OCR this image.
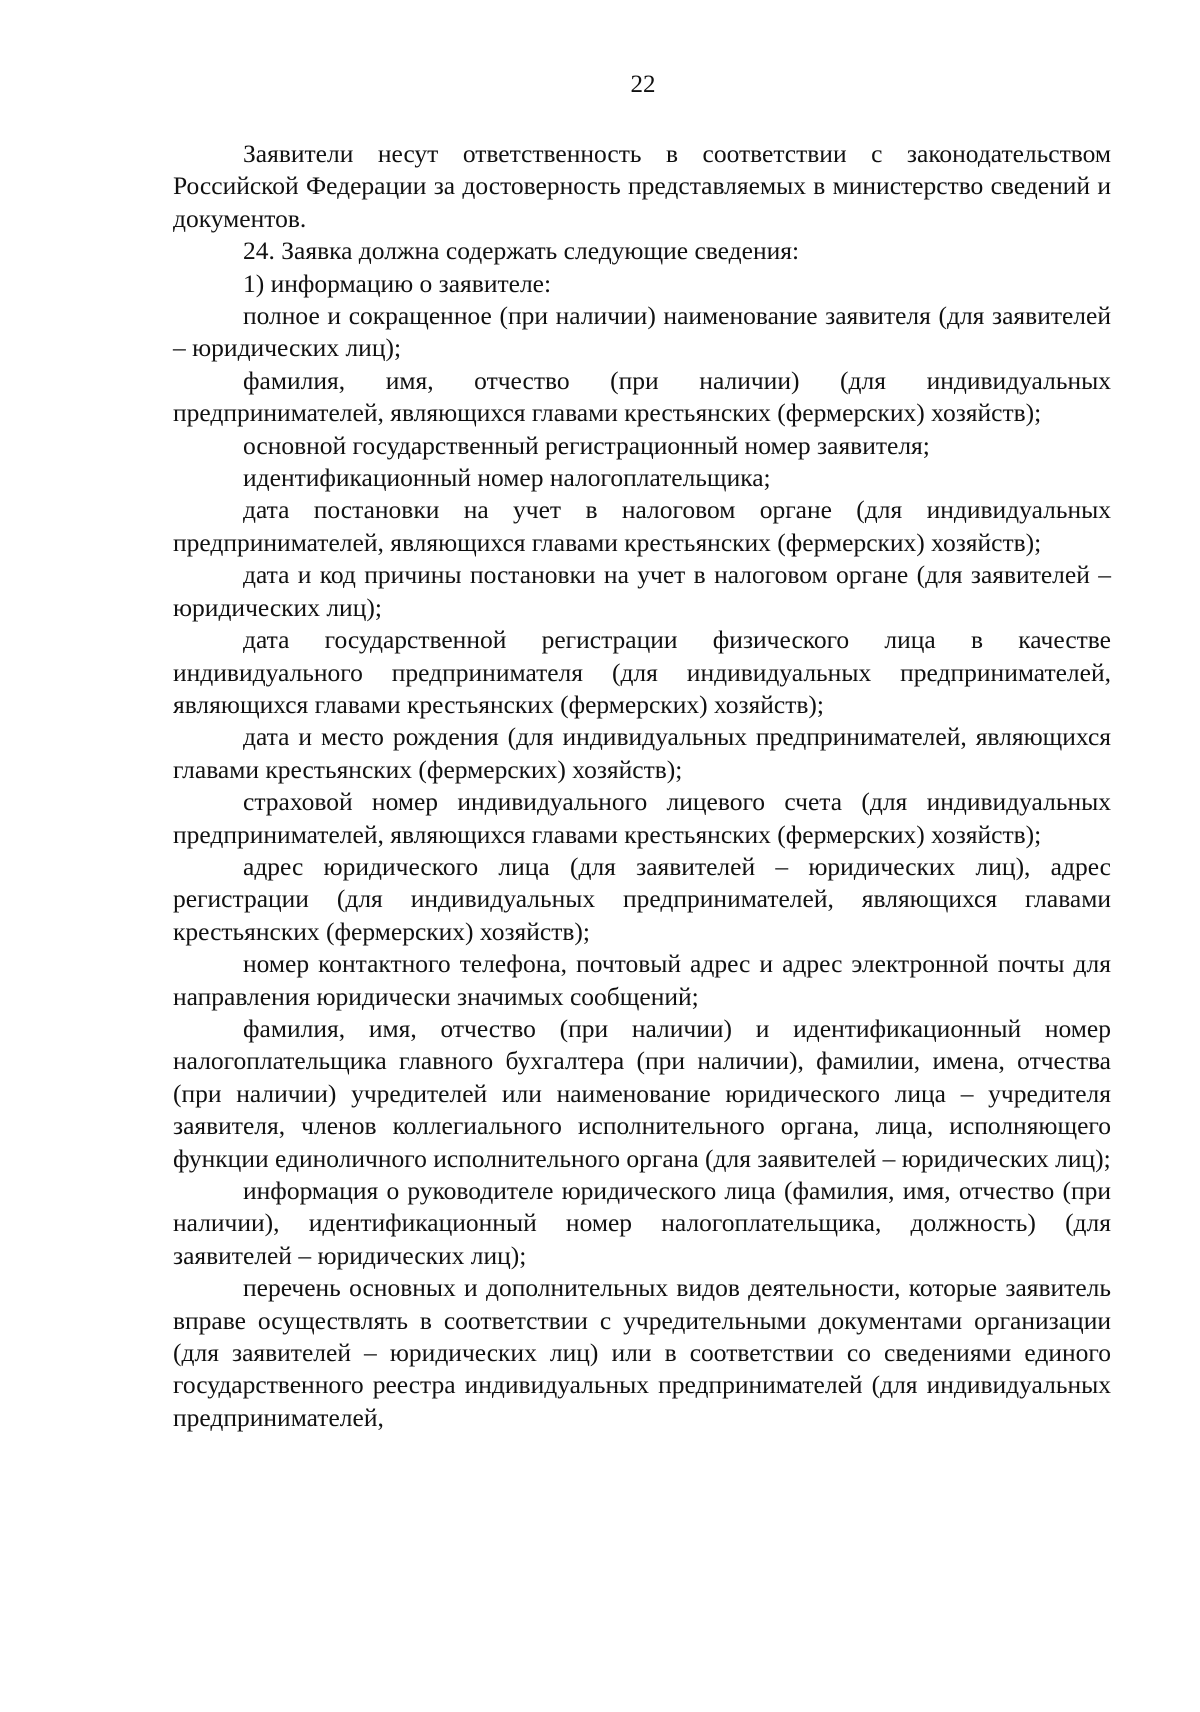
22

Заявители несут ответственность в соответствии с законодательством Российской Федерации за достоверность представляемых в министерство сведений и документов.

24. Заявка должна содержать следующие сведения:

1) информацию о заявителе:

полное и сокращенное (при наличии) наименование заявителя (для заявителей – юридических лиц);

фамилия, имя, отчество (при наличии) (для индивидуальных предпринимателей, являющихся главами крестьянских (фермерских) хозяйств);

основной государственный регистрационный номер заявителя;

идентификационный номер налогоплательщика;

дата постановки на учет в налоговом органе (для индивидуальных предпринимателей, являющихся главами крестьянских (фермерских) хозяйств);

дата и код причины постановки на учет в налоговом органе (для заявителей – юридических лиц);

дата государственной регистрации физического лица в качестве индивидуального предпринимателя (для индивидуальных предпринимателей, являющихся главами крестьянских (фермерских) хозяйств);

дата и место рождения (для индивидуальных предпринимателей, являющихся главами крестьянских (фермерских) хозяйств);

страховой номер индивидуального лицевого счета (для индивидуальных предпринимателей, являющихся главами крестьянских (фермерских) хозяйств);

адрес юридического лица (для заявителей – юридических лиц), адрес регистрации (для индивидуальных предпринимателей, являющихся главами крестьянских (фермерских) хозяйств);

номер контактного телефона, почтовый адрес и адрес электронной почты для направления юридически значимых сообщений;

фамилия, имя, отчество (при наличии) и идентификационный номер налогоплательщика главного бухгалтера (при наличии), фамилии, имена, отчества (при наличии) учредителей или наименование юридического лица – учредителя заявителя, членов коллегиального исполнительного органа, лица, исполняющего функции единоличного исполнительного органа (для заявителей – юридических лиц);

информация о руководителе юридического лица (фамилия, имя, отчество (при наличии), идентификационный номер налогоплательщика, должность) (для заявителей – юридических лиц);

перечень основных и дополнительных видов деятельности, которые заявитель вправе осуществлять в соответствии с учредительными документами организации (для заявителей – юридических лиц) или в соответствии со сведениями единого государственного реестра индивидуальных предпринимателей (для индивидуальных предпринимателей,
